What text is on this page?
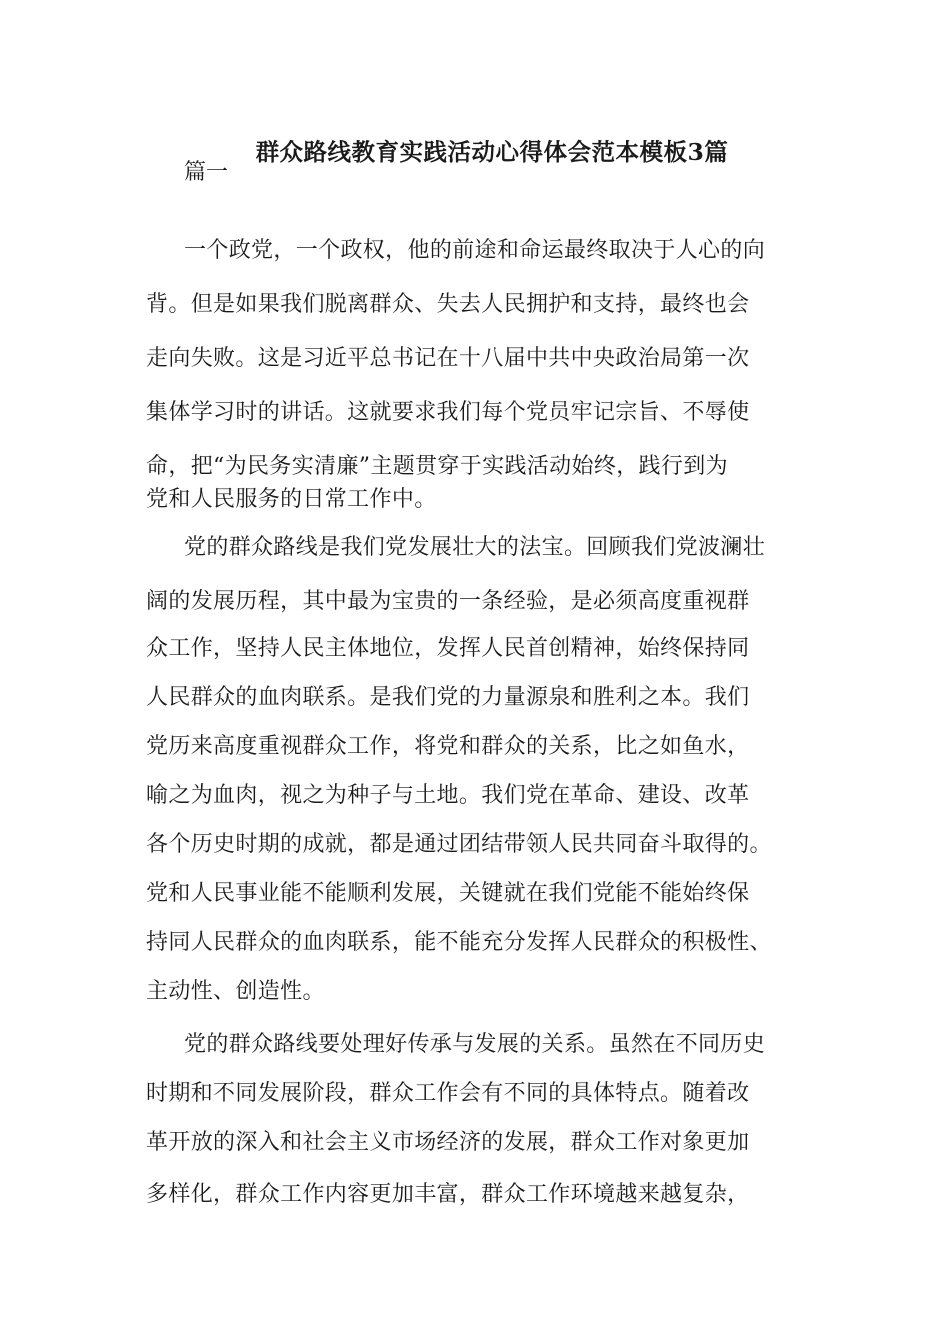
群众路线教育实践活动心得体会范本模板3篇
篇一
一个政党，一个政权，他的前途和命运最终取决于人心的向
背。但是如果我们脱离群众、失去人民拥护和支持，最终也会
走向失败。这是习近平总书记在十八届中共中央政治局第一次
集体学习时的讲话。这就要求我们每个党员牢记宗旨、不辱使
命，把“为民务实清廉”主题贯穿于实践活动始终，践行到为
党和人民服务的日常工作中。
党的群众路线是我们党发展壮大的法宝。回顾我们党波澜壮
阔的发展历程，其中最为宝贵的一条经验，是必须高度重视群
众工作，坚持人民主体地位，发挥人民首创精神，始终保持同
人民群众的血肉联系。是我们党的力量源泉和胜利之本。我们
党历来高度重视群众工作，将党和群众的关系，比之如鱼水，
喻之为血肉，视之为种子与土地。我们党在革命、建设、改革
各个历史时期的成就，都是通过团结带领人民共同奋斗取得的。
党和人民事业能不能顺利发展，关键就在我们党能不能始终保
持同人民群众的血肉联系，能不能充分发挥人民群众的积极性、
主动性、创造性。
党的群众路线要处理好传承与发展的关系。虽然在不同历史
时期和不同发展阶段，群众工作会有不同的具体特点。随着改
革开放的深入和社会主义市场经济的发展，群众工作对象更加
多样化，群众工作内容更加丰富，群众工作环境越来越复杂，
